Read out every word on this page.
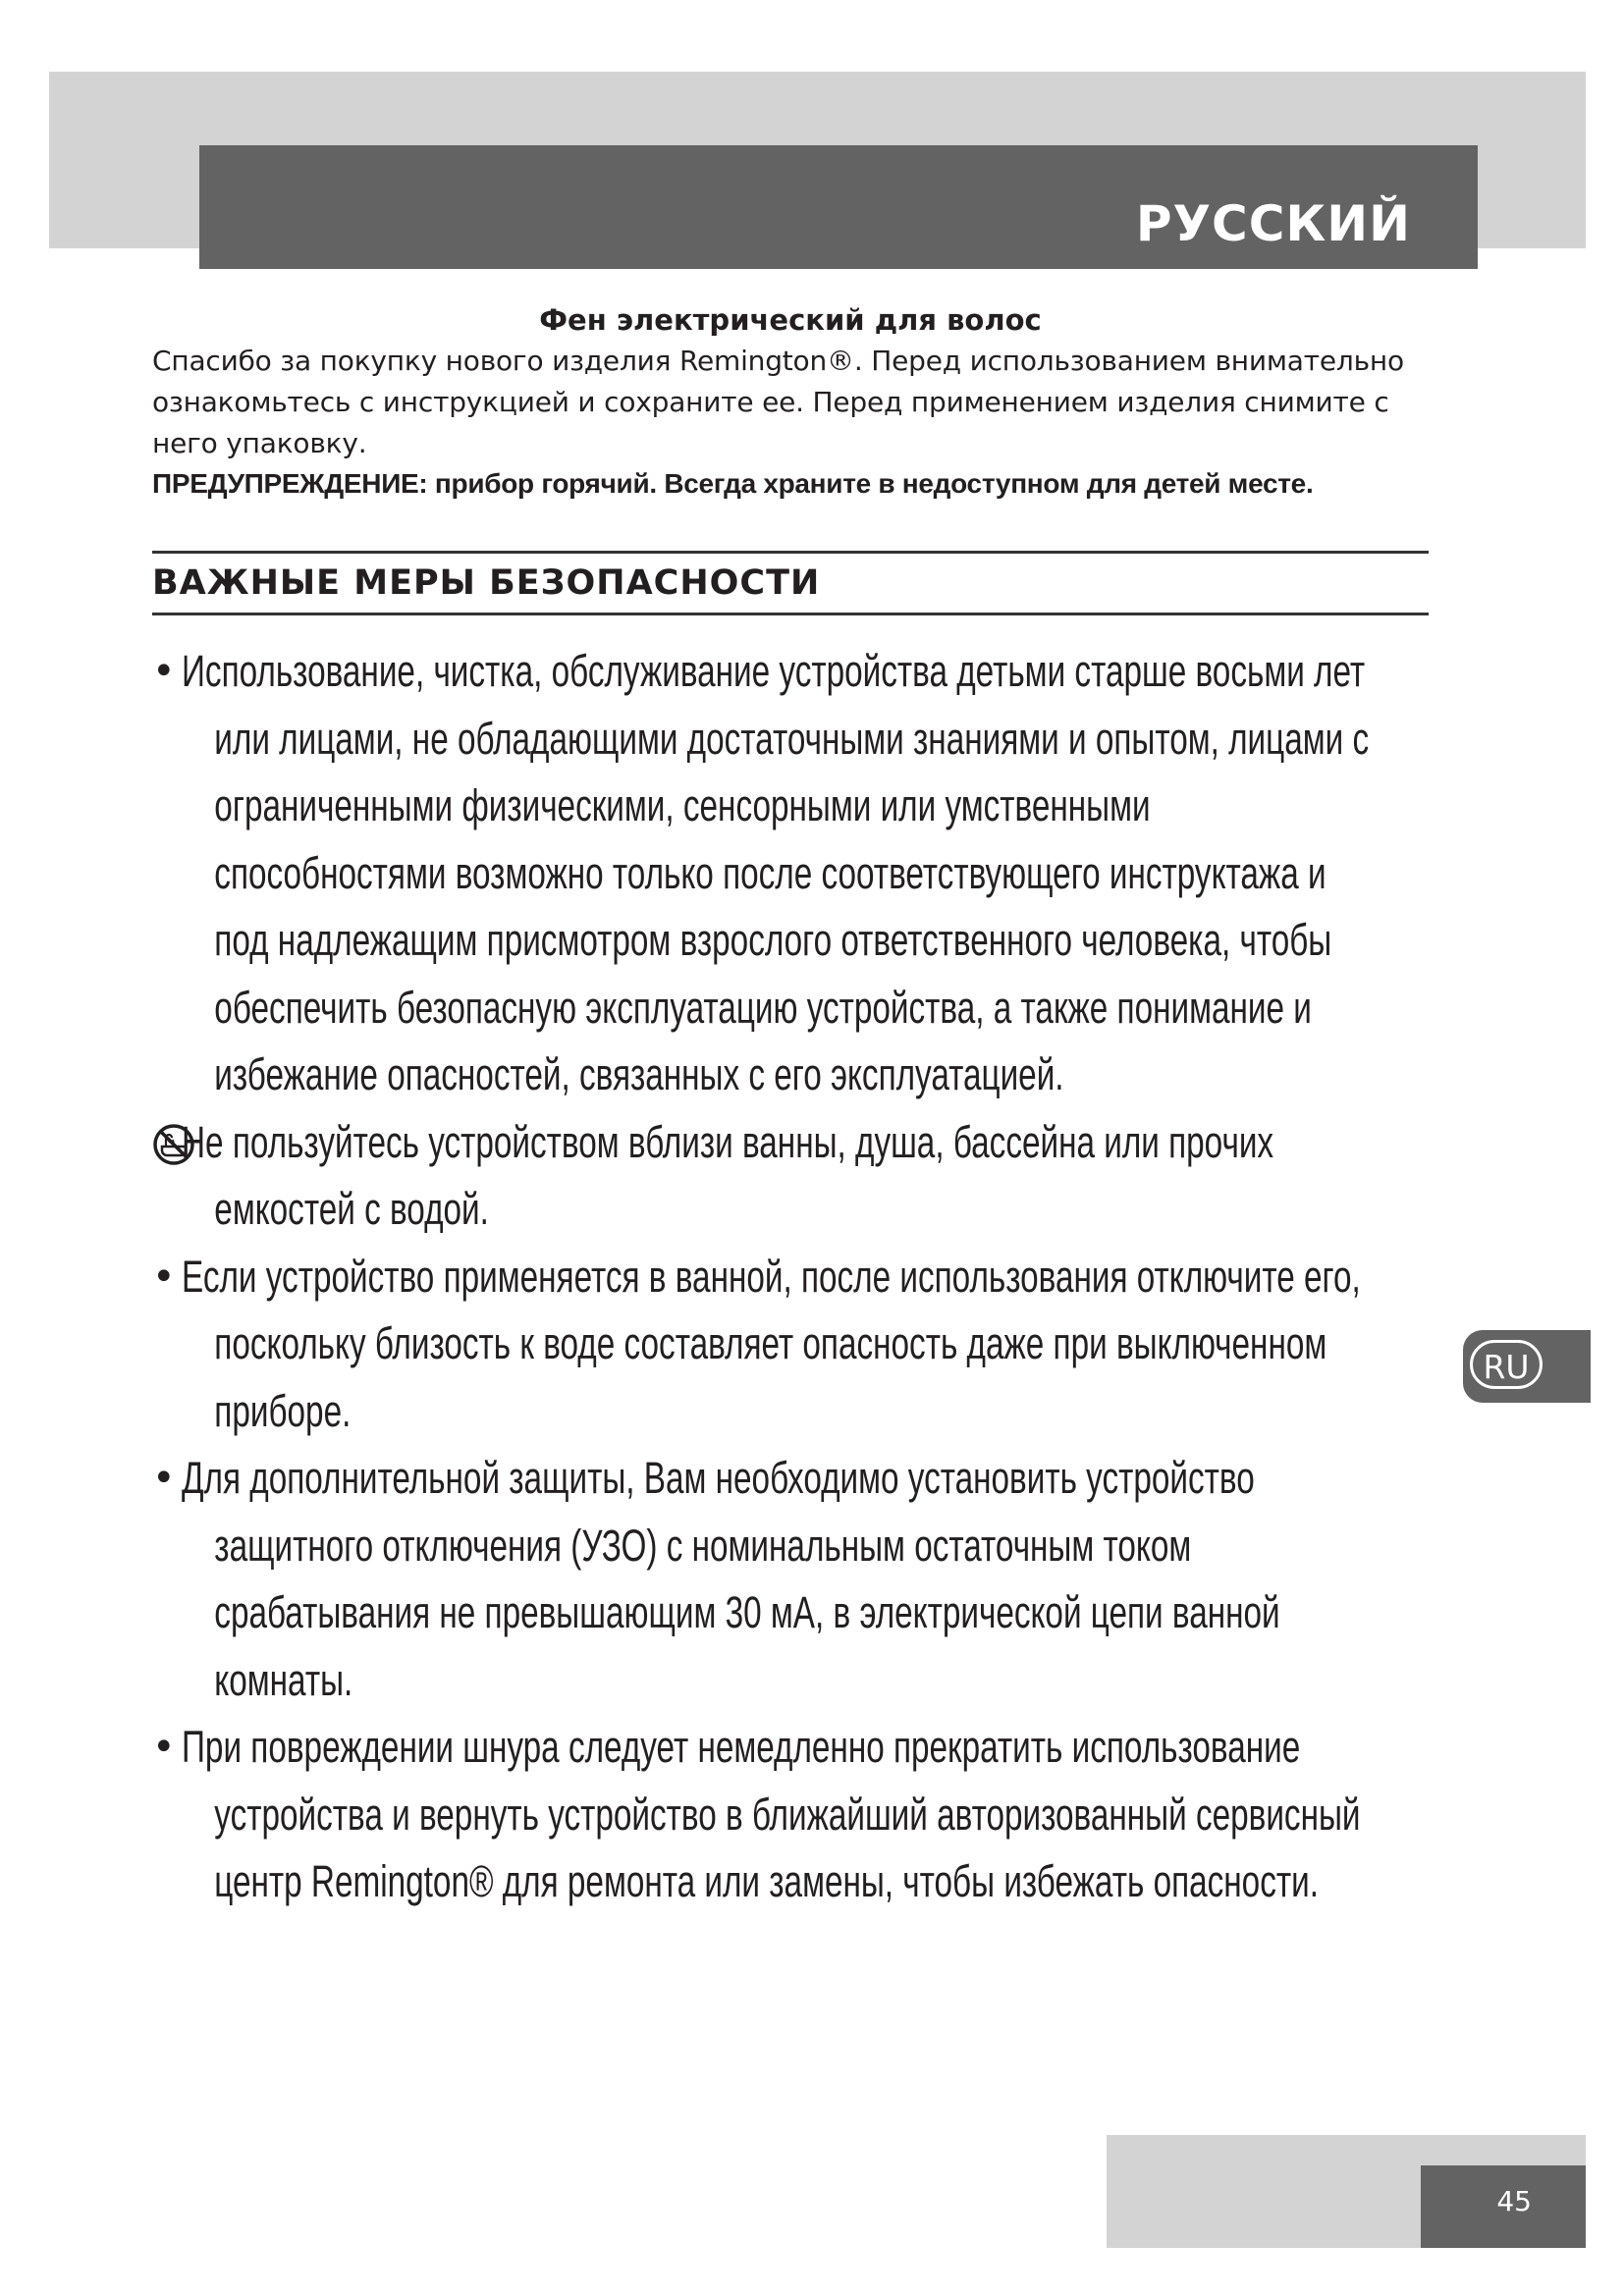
РУССКИЙ

Фен электрический для волос

Спасибо за покупку нового изделия Remington®. Перед использованием внимательно ознакомьтесь с инструкцией и сохраните ее. Перед применением изделия снимите с него упаковку.

ПРЕДУПРЕЖДЕНИЕ: прибор горячий. Всегда храните в недоступном для детей месте.

ВАЖНЫЕ МЕРЫ БЕЗОПАСНОСТИ
• Использование, чистка, обслуживание устройства детьми старше восьми лет или лицами, не обладающими достаточными знаниями и опытом, лицами с ограниченными физическими, сенсорными или умственными способностями возможно только после соответствующего инструктажа и под надлежащим присмотром взрослого ответственного человека, чтобы обеспечить безопасную эксплуатацию устройства, а также понимание и избежание опасностей, связанных с его эксплуатацией.
Не пользуйтесь устройством вблизи ванны, душа, бассейна или прочих емкостей с водой.
• Если устройство применяется в ванной, после использования отключите его, поскольку близость к воде составляет опасность даже при выключенном приборе.
• Для дополнительной защиты, Вам необходимо установить устройство защитного отключения (УЗО) с номинальным остаточным током срабатывания не превышающим 30 мА, в электрической цепи ванной комнаты.
• При повреждении шнура следует немедленно прекратить использование устройства и вернуть устройство в ближайший авторизованный сервисный центр Remington® для ремонта или замены, чтобы избежать опасности.
RU
45
